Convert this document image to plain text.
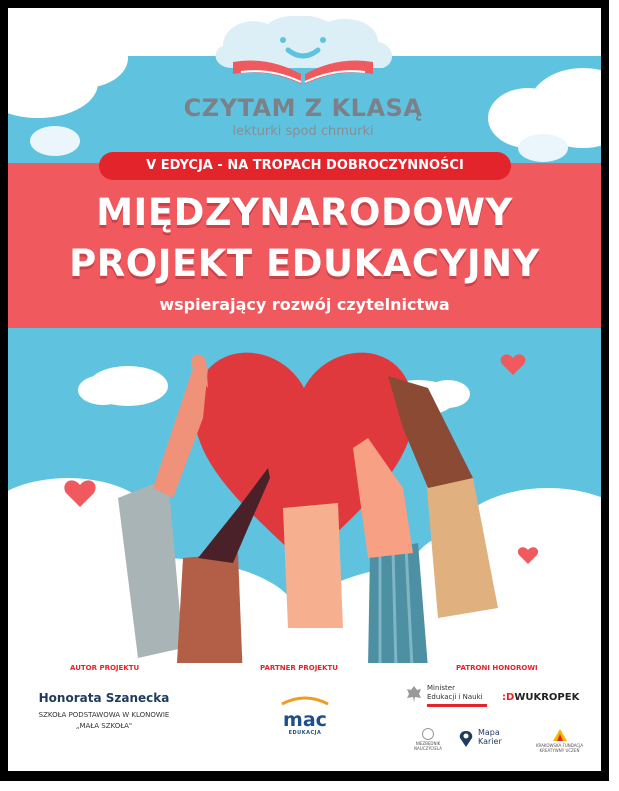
CZYTAM Z KLASĄ
lekturki spod chmurki
V EDYCJA - NA TROPACH DOBROCZYNNOŚCI
MIĘDZYNARODOWY
PROJEKT EDUKACYJNY
wspierający rozwój czytelnictwa
AUTOR PROJEKTU
Honorata Szanecka
SZKOŁA PODSTAWOWA W KLONOWIE
„MAŁA SZKOŁA"
PARTNER PROJEKTU
mac
EDUKACJA
PATRONI HONOROWI
Minister
Edukacji i Nauki	:DWUKROPEK
NIEZBĘDNIK
NAUCZYCIELA
Mapa
Karier	KRAKOWSKA FUNDACJA
KREATYWNY UCZEŃ
